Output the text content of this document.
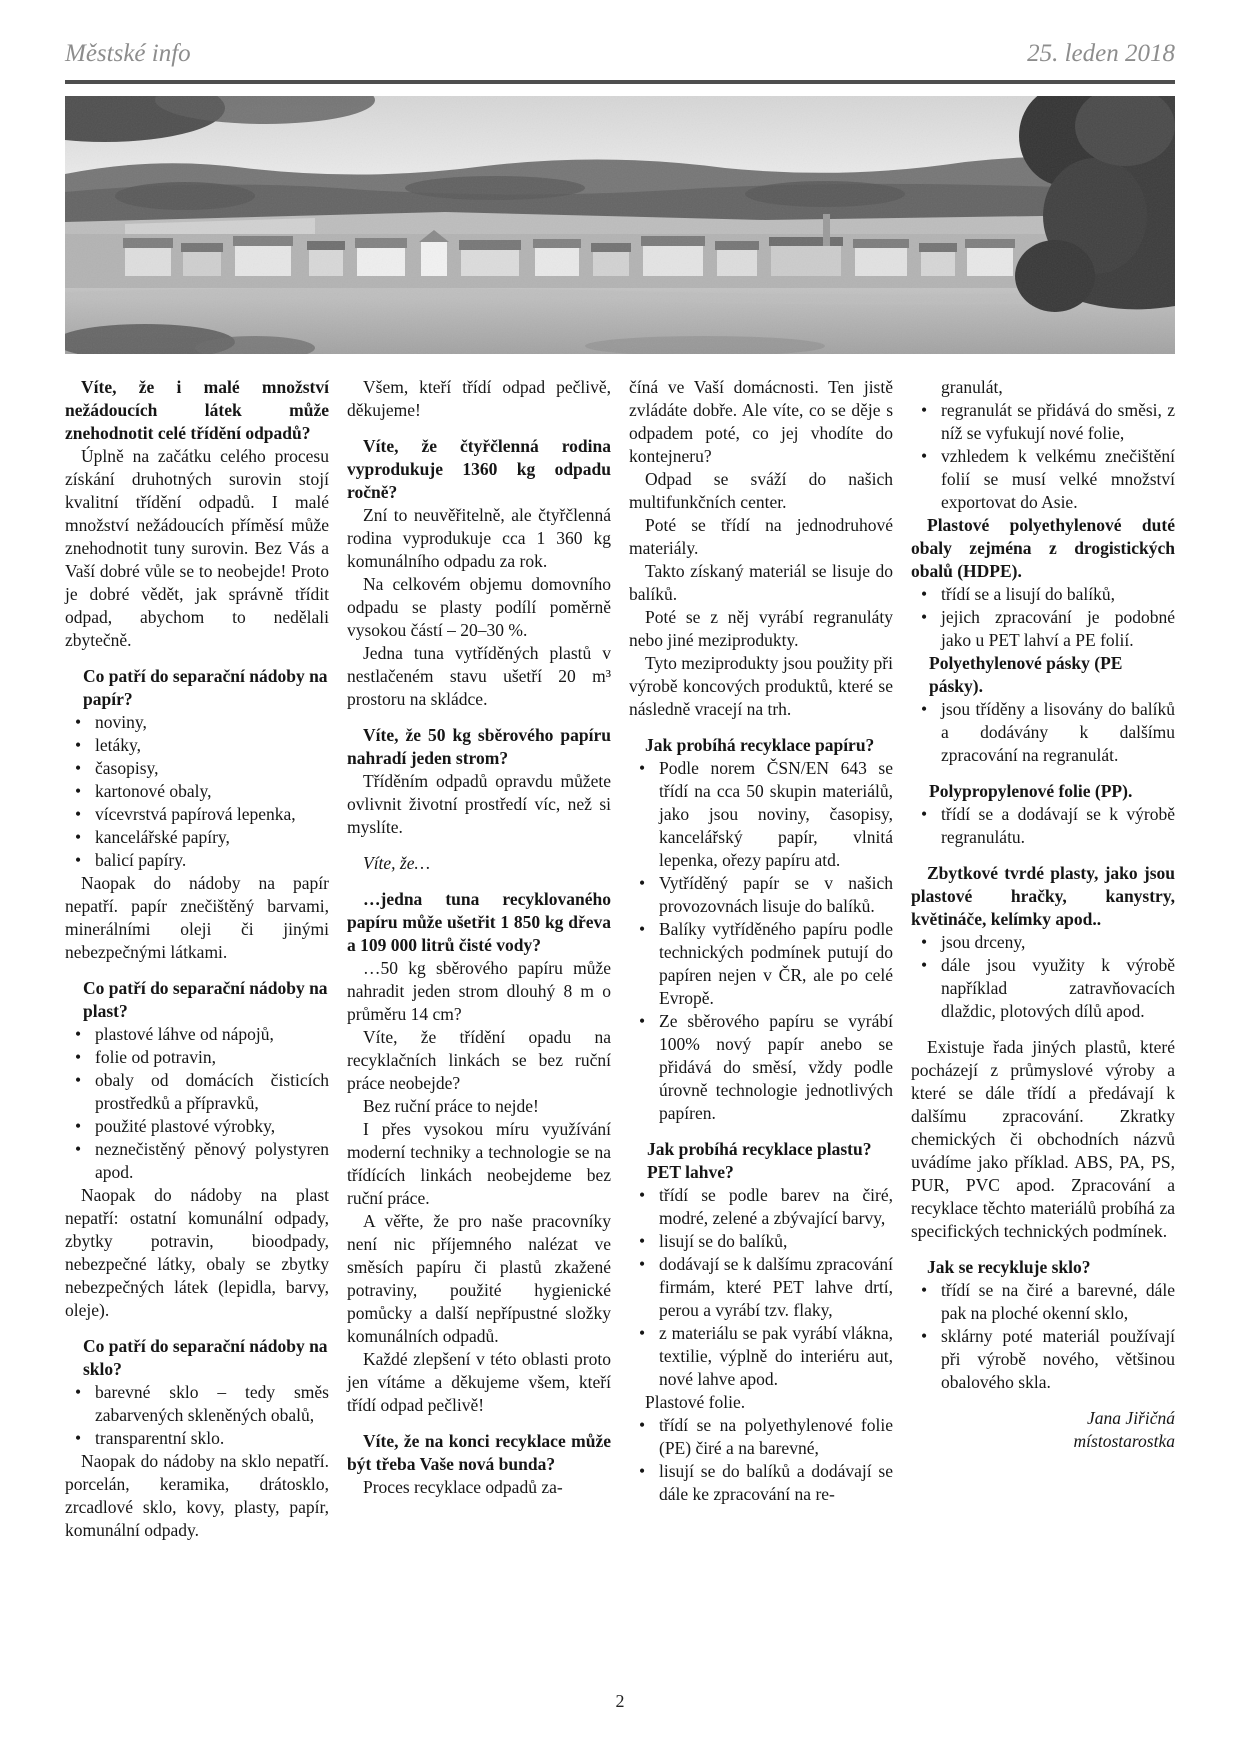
Městské info	25. leden 2018

Víte, že i malé množství nežádoucích látek může znehodnotit celé třídění odpadů?

Úplně na začátku celého procesu získání druhotných surovin stojí kvalitní třídění odpadů. I malé množství nežádoucích příměsí může znehodnotit tuny surovin. Bez Vás a Vaší dobré vůle se to neobejde! Proto je dobré vědět, jak správně třídit odpad, abychom to nedělali zbytečně.

Co patří do separační nádoby na papír?

• noviny,
• letáky,
• časopisy,
• kartonové obaly,
• vícevrstvá papírová lepenka,
• kancelářské papíry,
• balicí papíry.

Naopak do nádoby na papír nepatří. papír znečištěný barvami, minerálními oleji či jinými nebezpečnými látkami.

Co patří do separační nádoby na plast?

• plastové láhve od nápojů,
• folie od potravin,
• obaly od domácích čisticích prostředků a přípravků,
• použité plastové výrobky,
• neznečistěný pěnový polystyren apod.

Naopak do nádoby na plast nepatří: ostatní komunální odpady, zbytky potravin, bioodpady, nebezpečné látky, obaly se zbytky nebezpečných látek (lepidla, barvy, oleje).

Co patří do separační nádoby na sklo?

• barevné sklo – tedy směs zabarvených skleněných obalů,
• transparentní sklo.

Naopak do nádoby na sklo nepatří. porcelán, keramika, drátosklo, zrcadlové sklo, kovy, plasty, papír, komunální odpady.

Všem, kteří třídí odpad pečlivě, děkujeme!

Víte, že čtyřčlenná rodina vyprodukuje 1360 kg odpadu ročně?

Zní to neuvěřitelně, ale čtyřčlenná rodina vyprodukuje cca 1 360 kg komunálního odpadu za rok.

Na celkovém objemu domovního odpadu se plasty podílí poměrně vysokou částí – 20–30 %.

Jedna tuna vytříděných plastů v nestlačeném stavu ušetří 20 m³ prostoru na skládce.

Víte, že 50 kg sběrového papíru nahradí jeden strom?

Tříděním odpadů opravdu můžete ovlivnit životní prostředí víc, než si myslíte.

Víte, že…

…jedna tuna recyklovaného papíru může ušetřit 1 850 kg dřeva a 109 000 litrů čisté vody?

…50 kg sběrového papíru může nahradit jeden strom dlouhý 8 m o průměru 14 cm?

Víte, že třídění opadu na recyklačních linkách se bez ruční práce neobejde?

Bez ruční práce to nejde!

I přes vysokou míru využívání moderní techniky a technologie se na třídících linkách neobejdeme bez ruční práce.

A věřte, že pro naše pracovníky není nic příjemného nalézat ve směsích papíru či plastů zkažené potraviny, použité hygienické pomůcky a další nepřípustné složky komunálních odpadů.

Každé zlepšení v této oblasti proto jen vítáme a děkujeme všem, kteří třídí odpad pečlivě!

Víte, že na konci recyklace může být třeba Vaše nová bunda?

Proces recyklace odpadů za-

číná ve Vaší domácnosti. Ten jistě zvládáte dobře. Ale víte, co se děje s odpadem poté, co jej vhodíte do kontejneru?

Odpad se sváží do našich multifunkčních center.

Poté se třídí na jednodruhové materiály.

Takto získaný materiál se lisuje do balíků.

Poté se z něj vyrábí regranuláty nebo jiné meziprodukty.

Tyto meziprodukty jsou použity při výrobě koncových produktů, které se následně vracejí na trh.

Jak probíhá recyklace papíru?

• Podle norem ČSN/EN 643 se třídí na cca 50 skupin materiálů, jako jsou noviny, časopisy, kancelářský papír, vlnitá lepenka, ořezy papíru atd.
• Vytříděný papír se v našich provozovnách lisuje do balíků.
• Balíky vytříděného papíru podle technických podmínek putují do papíren nejen v ČR, ale po celé Evropě.
• Ze sběrového papíru se vyrábí 100% nový papír anebo se přidává do směsí, vždy podle úrovně technologie jednotlivých papíren.

Jak probíhá recyklace plastu? PET lahve?

• třídí se podle barev na čiré, modré, zelené a zbývající barvy,
• lisují se do balíků,
• dodávají se k dalšímu zpracování firmám, které PET lahve drtí, perou a vyrábí tzv. flaky,
• z materiálu se pak vyrábí vlákna, textilie, výplně do interiéru aut, nové lahve apod.

Plastové folie.

• třídí se na polyethylenové folie (PE) čiré a na barevné,
• lisují se do balíků a dodávají se dále ke zpracování na re-

granulát,

• regranulát se přidává do směsi, z níž se vyfukují nové folie,
• vzhledem k velkému znečištění folií se musí velké množství exportovat do Asie.

Plastové polyethylenové duté obaly zejména z drogistických obalů (HDPE).

• třídí se a lisují do balíků,
• jejich zpracování je podobné jako u PET lahví a PE folií.

Polyethylenové pásky (PE pásky).

• jsou tříděny a lisovány do balíků a dodávány k dalšímu zpracování na regranulát.

Polypropylenové folie (PP).

• třídí se a dodávají se k výrobě regranulátu.

Zbytkové tvrdé plasty, jako jsou plastové hračky, kanystry, květináče, kelímky apod..

• jsou drceny,
• dále jsou využity k výrobě například zatravňovacích dlaždic, plotových dílů apod.

Existuje řada jiných plastů, které pocházejí z průmyslové výroby a které se dále třídí a předávají k dalšímu zpracování. Zkratky chemických či obchodních názvů uvádíme jako příklad. ABS, PA, PS, PUR, PVC apod. Zpracování a recyklace těchto materiálů probíhá za specifických technických podmínek.

Jak se recykluje sklo?

• třídí se na čiré a barevné, dále pak na ploché okenní sklo,
• sklárny poté materiál používají při výrobě nového, většinou obalového skla.
Jana Jiřičná
místostarostka
2
